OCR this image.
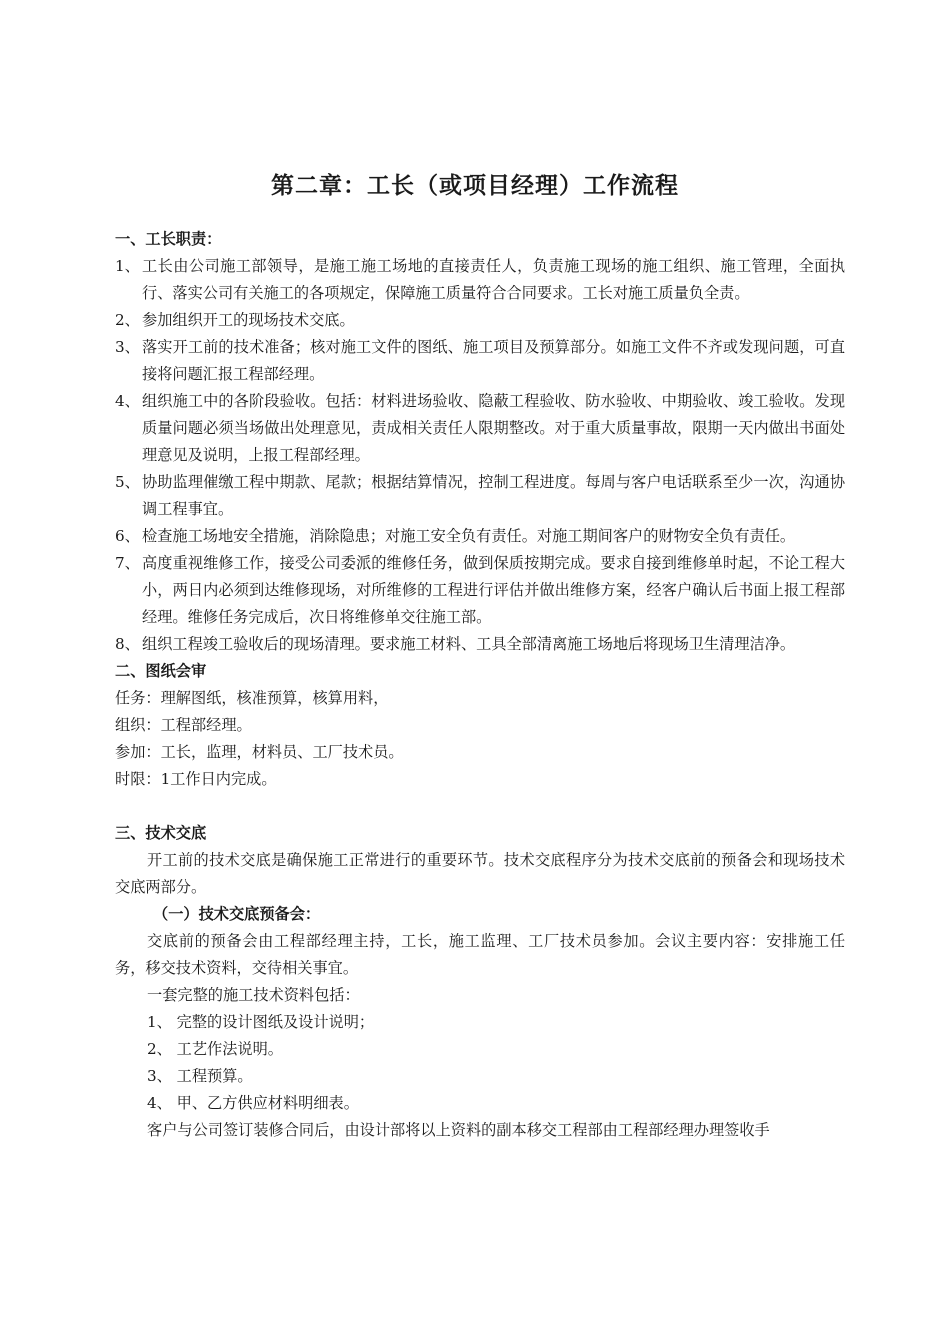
第二章：工长（或项目经理）工作流程

一、工长职责：

1、 工长由公司施工部领导，是施工施工场地的直接责任人，负责施工现场的施工组织、施工管理，全面执行、落实公司有关施工的各项规定，保障施工质量符合合同要求。工长对施工质量负全责。
2、 参加组织开工的现场技术交底。
3、 落实开工前的技术准备；核对施工文件的图纸、施工项目及预算部分。如施工文件不齐或发现问题，可直接将问题汇报工程部经理。
4、 组织施工中的各阶段验收。包括：材料进场验收、隐蔽工程验收、防水验收、中期验收、竣工验收。发现质量问题必须当场做出处理意见，责成相关责任人限期整改。对于重大质量事故，限期一天内做出书面处理意见及说明，上报工程部经理。
5、 协助监理催缴工程中期款、尾款；根据结算情况，控制工程进度。每周与客户电话联系至少一次，沟通协调工程事宜。
6、 检查施工场地安全措施，消除隐患；对施工安全负有责任。对施工期间客户的财物安全负有责任。
7、 高度重视维修工作，接受公司委派的维修任务，做到保质按期完成。要求自接到维修单时起，不论工程大小，两日内必须到达维修现场，对所维修的工程进行评估并做出维修方案，经客户确认后书面上报工程部经理。维修任务完成后，次日将维修单交往施工部。
8、 组织工程竣工验收后的现场清理。要求施工材料、工具全部清离施工场地后将现场卫生清理洁净。

二、图纸会审

任务：理解图纸，核准预算，核算用料，

组织：工程部经理。

参加：工长，监理，材料员、工厂技术员。

时限：1工作日内完成。

三、技术交底

开工前的技术交底是确保施工正常进行的重要环节。技术交底程序分为技术交底前的预备会和现场技术交底两部分。

（一）技术交底预备会：

交底前的预备会由工程部经理主持，工长，施工监理、工厂技术员参加。会议主要内容：安排施工任务，移交技术资料，交待相关事宜。

一套完整的施工技术资料包括：

1、 完整的设计图纸及设计说明；

2、 工艺作法说明。

3、 工程预算。

4、 甲、乙方供应材料明细表。

客户与公司签订装修合同后，由设计部将以上资料的副本移交工程部由工程部经理办理签收手
